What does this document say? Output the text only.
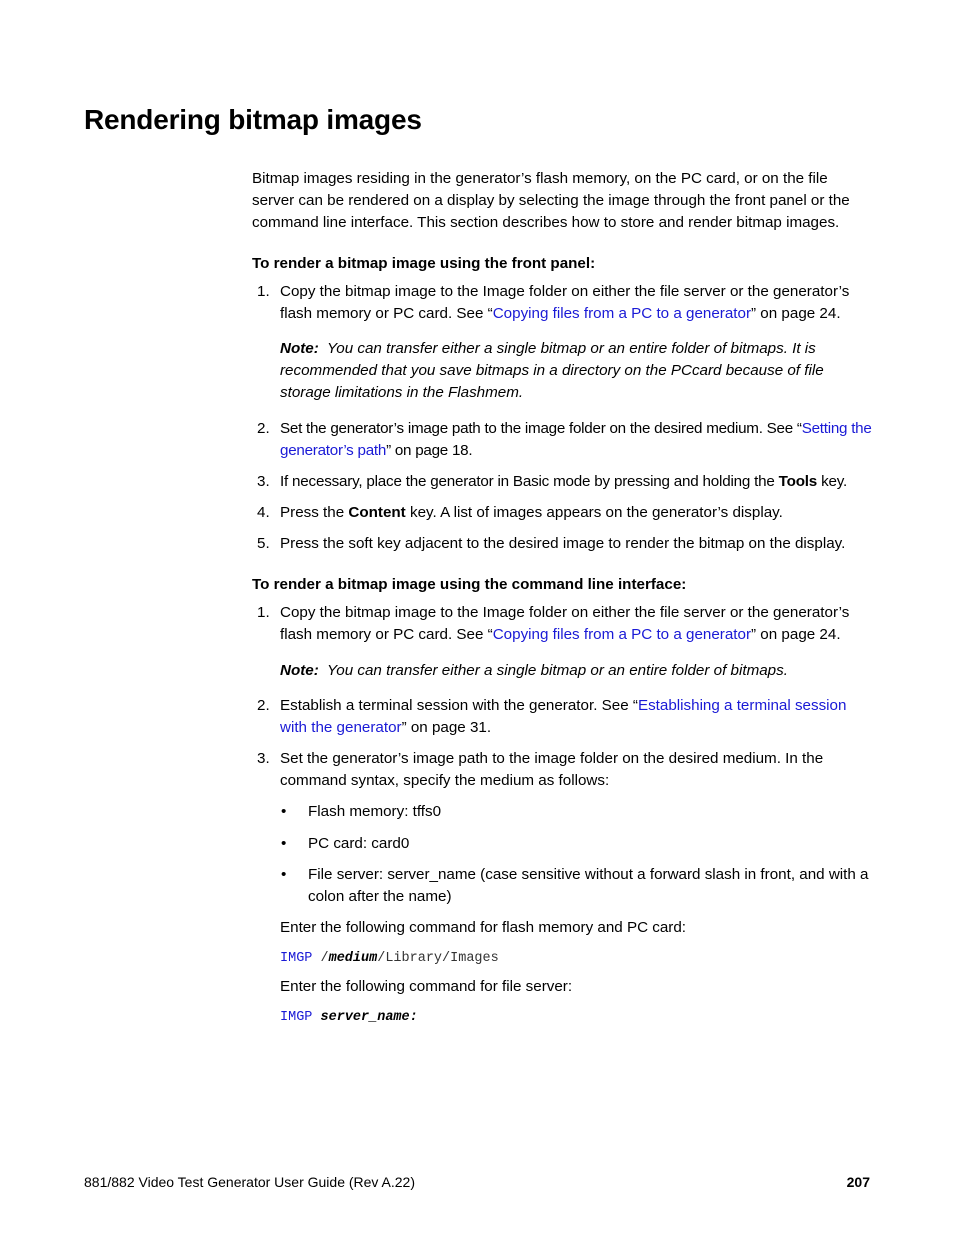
Rendering bitmap images
Bitmap images residing in the generator’s flash memory, on the PC card, or on the file server can be rendered on a display by selecting the image through the front panel or the command line interface. This section describes how to store and render bitmap images.
To render a bitmap image using the front panel:
1. Copy the bitmap image to the Image folder on either the file server or the generator’s flash memory or PC card. See “Copying files from a PC to a generator” on page 24.
Note: You can transfer either a single bitmap or an entire folder of bitmaps. It is recommended that you save bitmaps in a directory on the PCcard because of file storage limitations in the Flashmem.
2. Set the generator’s image path to the image folder on the desired medium. See “Setting the generator’s path” on page 18.
3. If necessary, place the generator in Basic mode by pressing and holding the Tools key.
4. Press the Content key. A list of images appears on the generator’s display.
5. Press the soft key adjacent to the desired image to render the bitmap on the display.
To render a bitmap image using the command line interface:
1. Copy the bitmap image to the Image folder on either the file server or the generator’s flash memory or PC card. See “Copying files from a PC to a generator” on page 24.
Note: You can transfer either a single bitmap or an entire folder of bitmaps.
2. Establish a terminal session with the generator. See “Establishing a terminal session with the generator” on page 31.
3. Set the generator’s image path to the image folder on the desired medium. In the command syntax, specify the medium as follows:
• Flash memory: tffs0
• PC card: card0
• File server: server_name (case sensitive without a forward slash in front, and with a colon after the name)
Enter the following command for flash memory and PC card:
IMGP /medium/Library/Images
Enter the following command for file server:
IMGP server_name:
881/882 Video Test Generator User Guide (Rev A.22)	207
